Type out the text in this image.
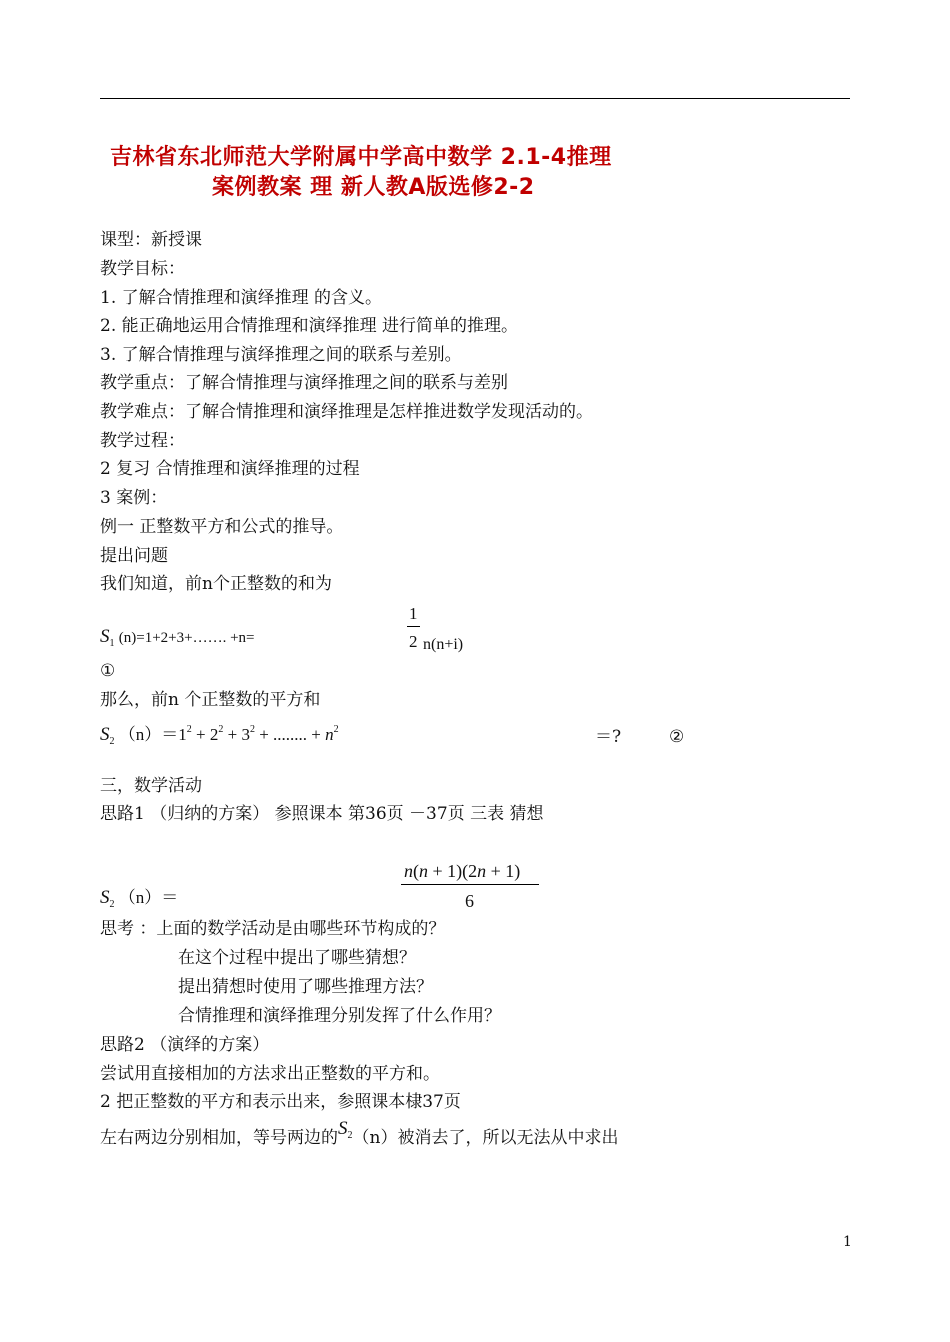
吉林省东北师范大学附属中学高中数学 2.1-4推理
案例教案 理 新人教A版选修2-2
课型：新授课
教学目标：
1. 了解合情推理和演绎推理 的含义。
2. 能正确地运用合情推理和演绎推理 进行简单的推理。
3. 了解合情推理与演绎推理之间的联系与差别。
教学重点：了解合情推理与演绎推理之间的联系与差别
教学难点：了解合情推理和演绎推理是怎样推进数学发现活动的。
教学过程：
2 复习 合情推理和演绎推理的过程
3 案例：
例一 正整数平方和公式的推导。
提出问题
我们知道，前n个正整数的和为
$S_1$ (n)=1+2+3+……. +n=
1
2 n(n+i)
①
那么，前n 个正整数的平方和
$S_2$ $(n)=1^2 + 2^2 + 3^2$ + ........ + $n^2$	＝?	②
三，数学活动
思路1 （归纳的方案） 参照课本 第36页 －37页 三表 猜想
n(n + 1)(2n + 1)
6
$S_2$ （n）＝
思考 ：上面的数学活动是由哪些环节构成的？
在这个过程中提出了哪些猜想？
提出猜想时使用了哪些推理方法？
合情推理和演绎推理分别发挥了什么作用？
思路2 （演绎的方案）
尝试用直接相加的方法求出正整数的平方和。
2 把正整数的平方和表示出来，参照课本棣37页
左右两边分别相加，等号两边的$S_2(n)$被消去了，所以无法从中求出
1
